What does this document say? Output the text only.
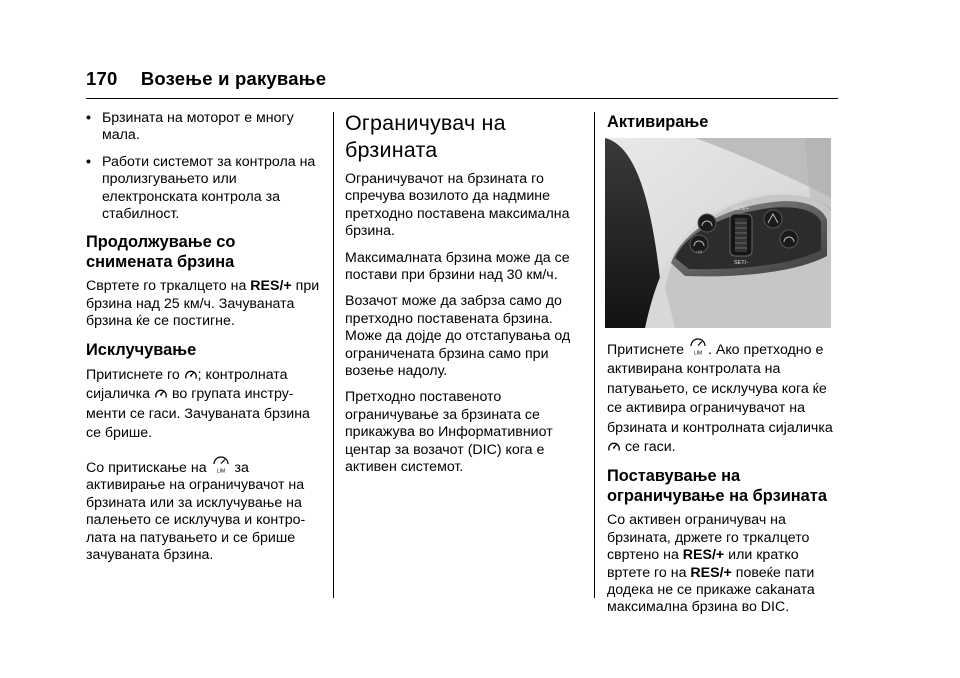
170 Возење и ракување
• Брзината на моторот е многу мала.
• Работи системот за контрола на пролизгувањето или електронската контрола за стабилност.
Продолжување со снимената брзина

Свртете го тркалцето на RES/+ при брзина над 25 км/ч. Зачуваната брзина ќе се постигне.

Исклучување

Притиснете го ; контролната сијаличка во групата инстру- менти се гаси. Зачуваната брзина се брише.

Со притискање на LIM за активирање на ограничувачот на брзината или за исклучување на палењето се исклучува и контро- лата на патувањето и се брише зачуваната брзина.

Ограничувач на брзината

Ограничувачот на брзината го спречува возилото да надмине претходно поставена максимална брзина.

Максималната брзина може да се постави при брзини над 30 км/ч.

Возачот може да забрза само до претходно поставената брзина. Може да дојде до отстапувања од ограничената брзина само при возење надолу.

Претходно поставеното ограничување за брзината се прикажува во Информативниот центар за возачот (DIC) кога е активен системот.

Активирање
LIM
RES/+
SET/-

Притиснете LIM . Ако претходно е активирана контролата на патувањето, се исклучува кога ќе се активира ограничувачот на брзината и контролната сијаличка  се гаси.

Поставување на ограничување на брзината

Со активен ограничувач на брзината, држете го тркалцето свртено на RES/+ или кратко вртете го на RES/+ повеќе пати додека не се прикаже сakaната максимална брзина во DIC.
